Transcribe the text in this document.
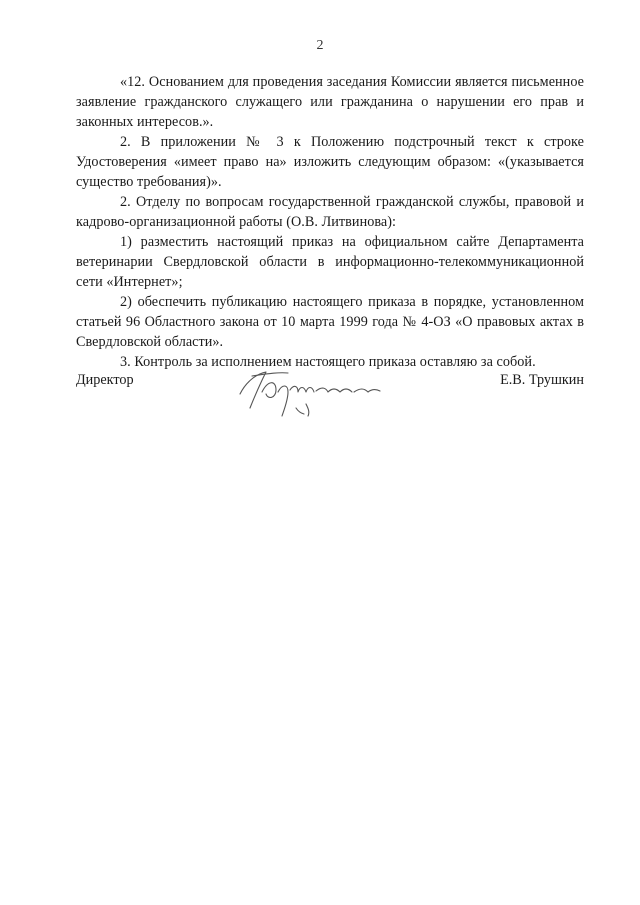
2

«12. Основанием для проведения заседания Комиссии является письменное заявление гражданского служащего или гражданина о нарушении его прав и законных интересов.».

2. В приложении № 3 к Положению подстрочный текст к строке Удостоверения «имеет право на» изложить следующим образом: «(указывается существо требования)».

2. Отделу по вопросам государственной гражданской службы, правовой и кадрово-организационной работы (О.В. Литвинова):

1) разместить настоящий приказ на официальном сайте Департамента ветеринарии Свердловской области в информационно-телекоммуникационной сети «Интернет»;

2) обеспечить публикацию настоящего приказа в порядке, установленном статьей 96 Областного закона от 10 марта 1999 года № 4-ОЗ «О правовых актах в Свердловской области».

3. Контроль за исполнением настоящего приказа оставляю за собой.

Директор	Е.В. Трушкин
